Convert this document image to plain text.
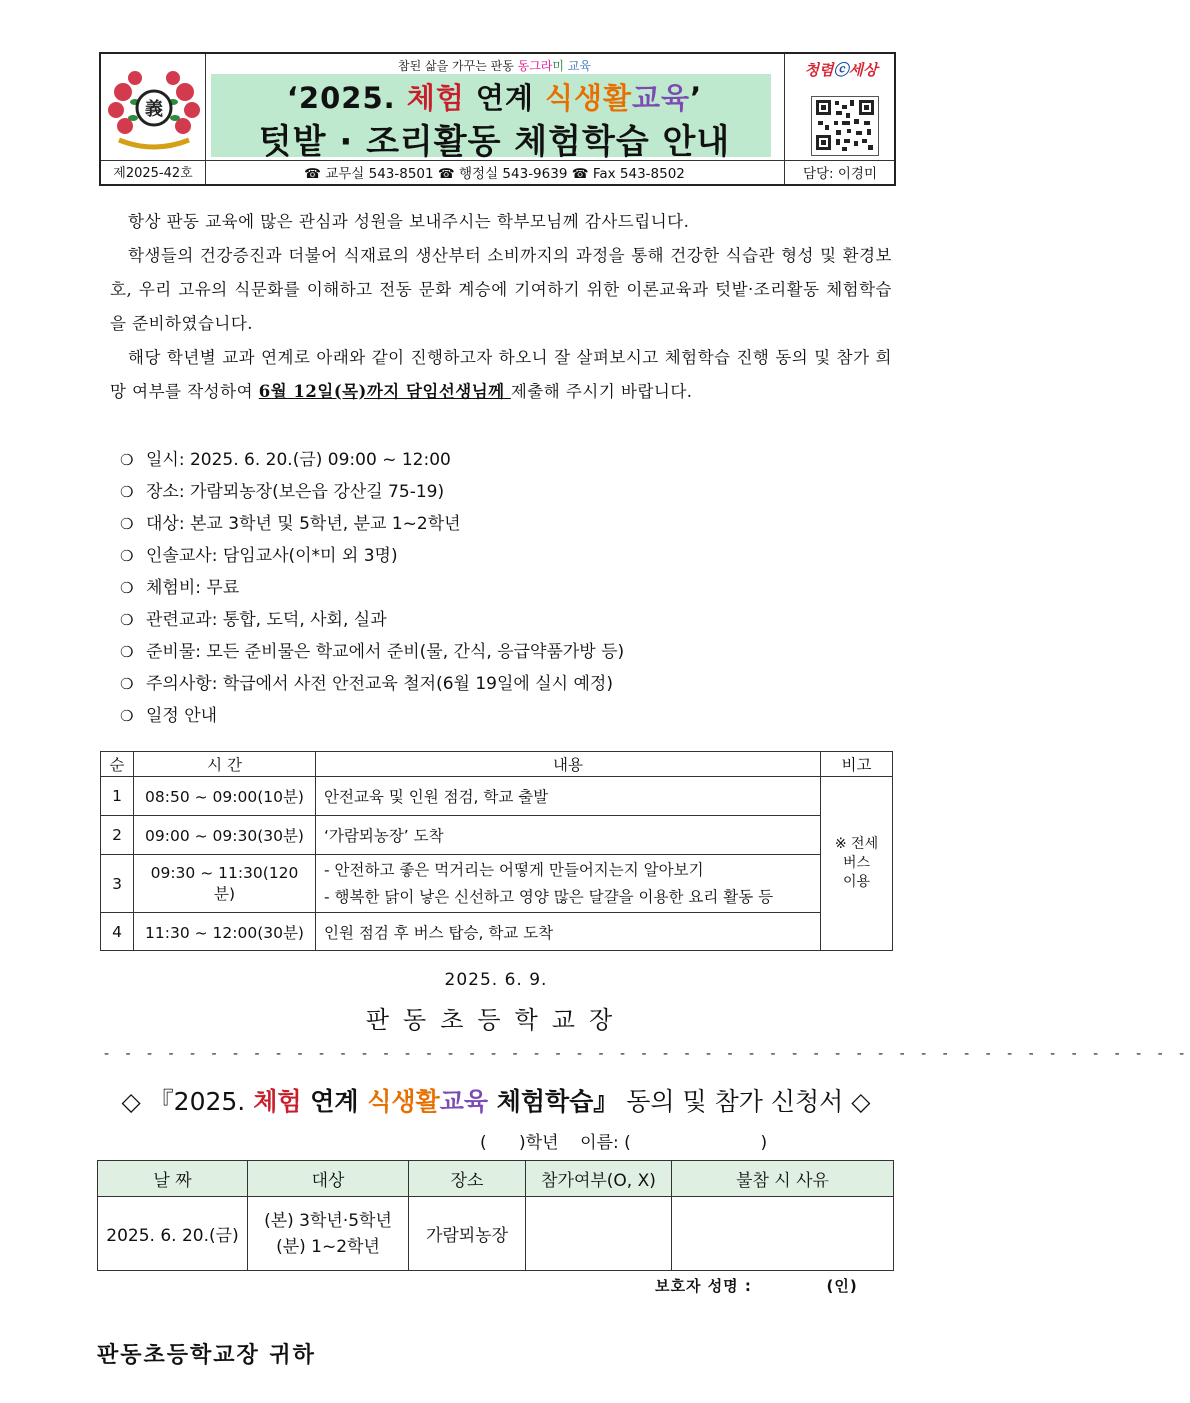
義
제2025-42호
참된 삶을 가꾸는 판동 동그라미 교육
‘2025. 체험 연계 식생활교육’
텃밭 · 조리활동 체험학습 안내
☎ 교무실 543-8501 ☎ 행정실 543-9639 ☎ Fax 543-8502
청렴ⓒ세상
담당: 이경미

항상 판동 교육에 많은 관심과 성원을 보내주시는 학부모님께 감사드립니다.

학생들의 건강증진과 더불어 식재료의 생산부터 소비까지의 과정을 통해 건강한 식습관 형성 및 환경보호, 우리 고유의 식문화를 이해하고 전동 문화 계승에 기여하기 위한 이론교육과 텃밭·조리활동 체험학습을 준비하였습니다.

해당 학년별 교과 연계로 아래와 같이 진행하고자 하오니 잘 살펴보시고 체험학습 진행 동의 및 참가 희망 여부를 작성하여 6월 12일(목)까지 담임선생님께 제출해 주시기 바랍니다.

❍ 일시: 2025. 6. 20.(금) 09:00 ~ 12:00
❍ 장소: 가람뫼농장(보은읍 강산길 75-19)
❍ 대상: 본교 3학년 및 5학년, 분교 1~2학년
❍ 인솔교사: 담임교사(이*미 외 3명)
❍ 체험비: 무료
❍ 관련교과: 통합, 도덕, 사회, 실과
❍ 준비물: 모든 준비물은 학교에서 준비(물, 간식, 응급약품가방 등)
❍ 주의사항: 학급에서 사전 안전교육 철저(6월 19일에 실시 예정)
❍ 일정 안내
순	시 간	내용	비고
1	08:50 ~ 09:00(10분)	안전교육 및 인원 점검, 학교 출발	※ 전세
버스
이용
2	09:00 ~ 09:30(30분)	‘가람뫼농장’ 도착	
3	09:30 ~ 11:30(120분)	- 안전하고 좋은 먹거리는 어떻게 만들어지는지 알아보기
- 행복한 닭이 낳은 신선하고 영양 많은 달걀을 이용한 요리 활동 등	

4	11:30 ~ 12:00(30분)	인원 점검 후 버스 탑승, 학교 도착	
2025. 6. 9.
판동초등학교장
- - - - - - - - - - - - - - - - - - - - - - - - - - - - - - - - - - - - - - - - - - - - - - - - - - -
◇ 『2025. 체험 연계 식생활교육 체험학습』 동의 및 참가 신청서 ◇
(      )학년    이름: (                        )
날 짜	대상	장소	참가여부(O, X)	불참 시 사유
2025. 6. 20.(금)	(본) 3학년·5학년
(분) 1~2학년	가람뫼농장		
보호자 성명 :            (인)
판동초등학교장 귀하
